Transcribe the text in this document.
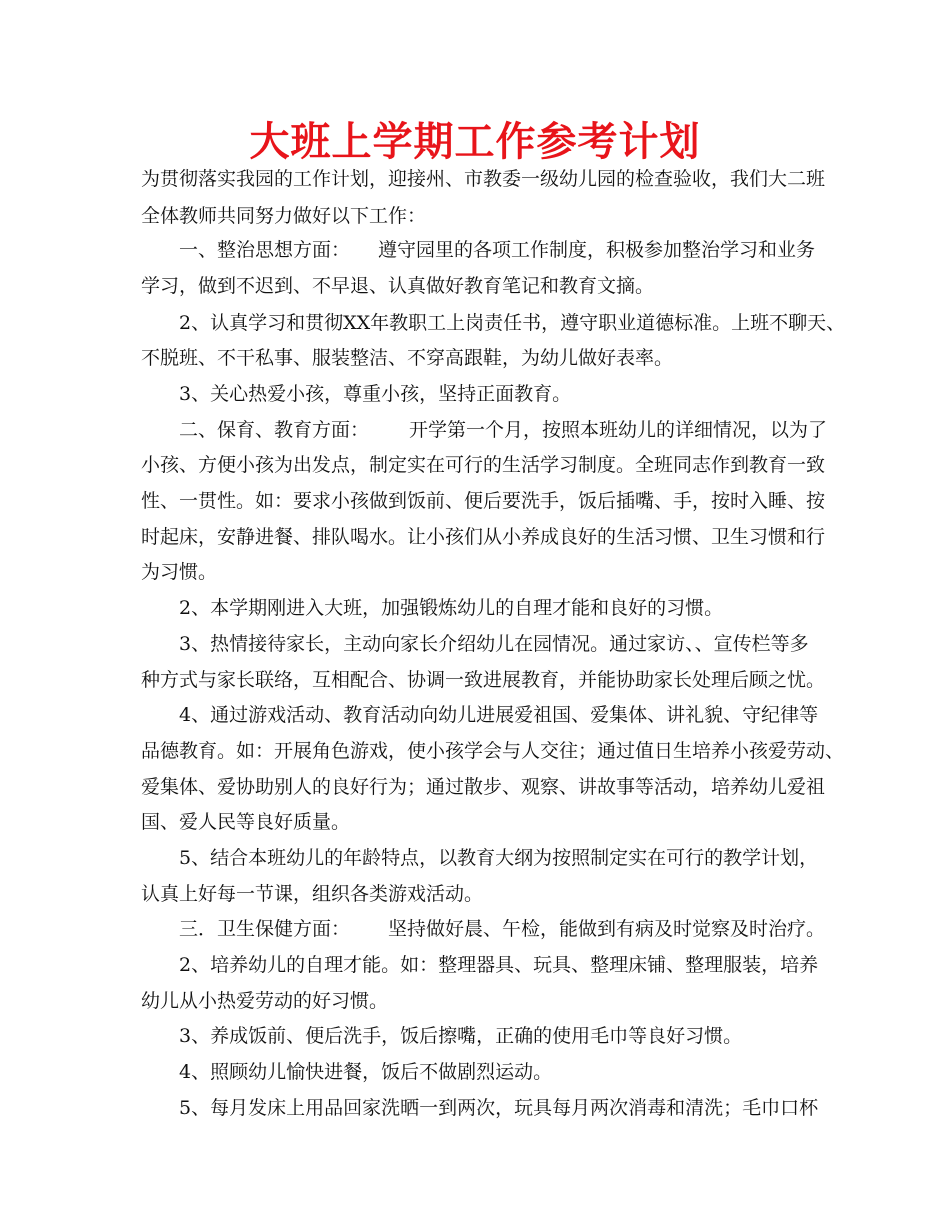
大班上学期工作参考计划
为贯彻落实我园的工作计划，迎接州、市教委一级幼儿园的检查验收，我们大二班
全体教师共同努力做好以下工作：
一、整治思想方面： 遵守园里的各项工作制度，积极参加整治学习和业务
学习，做到不迟到、不早退、认真做好教育笔记和教育文摘。
2、认真学习和贯彻XX年教职工上岗责任书，遵守职业道德标准。上班不聊天、
不脱班、不干私事、服装整洁、不穿高跟鞋，为幼儿做好表率。
3、关心热爱小孩，尊重小孩，坚持正面教育。
二、保育、教育方面： 开学第一个月，按照本班幼儿的详细情况，以为了
小孩、方便小孩为出发点，制定实在可行的生活学习制度。全班同志作到教育一致
性、一贯性。如：要求小孩做到饭前、便后要洗手，饭后插嘴、手，按时入睡、按
时起床，安静进餐、排队喝水。让小孩们从小养成良好的生活习惯、卫生习惯和行
为习惯。
2、本学期刚进入大班，加强锻炼幼儿的自理才能和良好的习惯。
3、热情接待家长，主动向家长介绍幼儿在园情况。通过家访、、宣传栏等多
种方式与家长联络，互相配合、协调一致进展教育，并能协助家长处理后顾之忧。
4、通过游戏活动、教育活动向幼儿进展爱祖国、爱集体、讲礼貌、守纪律等
品德教育。如：开展角色游戏，使小孩学会与人交往；通过值日生培养小孩爱劳动、
爱集体、爱协助别人的良好行为；通过散步、观察、讲故事等活动，培养幼儿爱祖
国、爱人民等良好质量。
5、结合本班幼儿的年龄特点，以教育大纲为按照制定实在可行的教学计划，
认真上好每一节课，组织各类游戏活动。
三．卫生保健方面： 坚持做好晨、午检，能做到有病及时觉察及时治疗。
2、培养幼儿的自理才能。如：整理器具、玩具、整理床铺、整理服装，培养
幼儿从小热爱劳动的好习惯。
3、养成饭前、便后洗手，饭后擦嘴，正确的使用毛巾等良好习惯。
4、照顾幼儿愉快进餐，饭后不做剧烈运动。
5、每月发床上用品回家洗晒一到两次，玩具每月两次消毒和清洗；毛巾口杯
